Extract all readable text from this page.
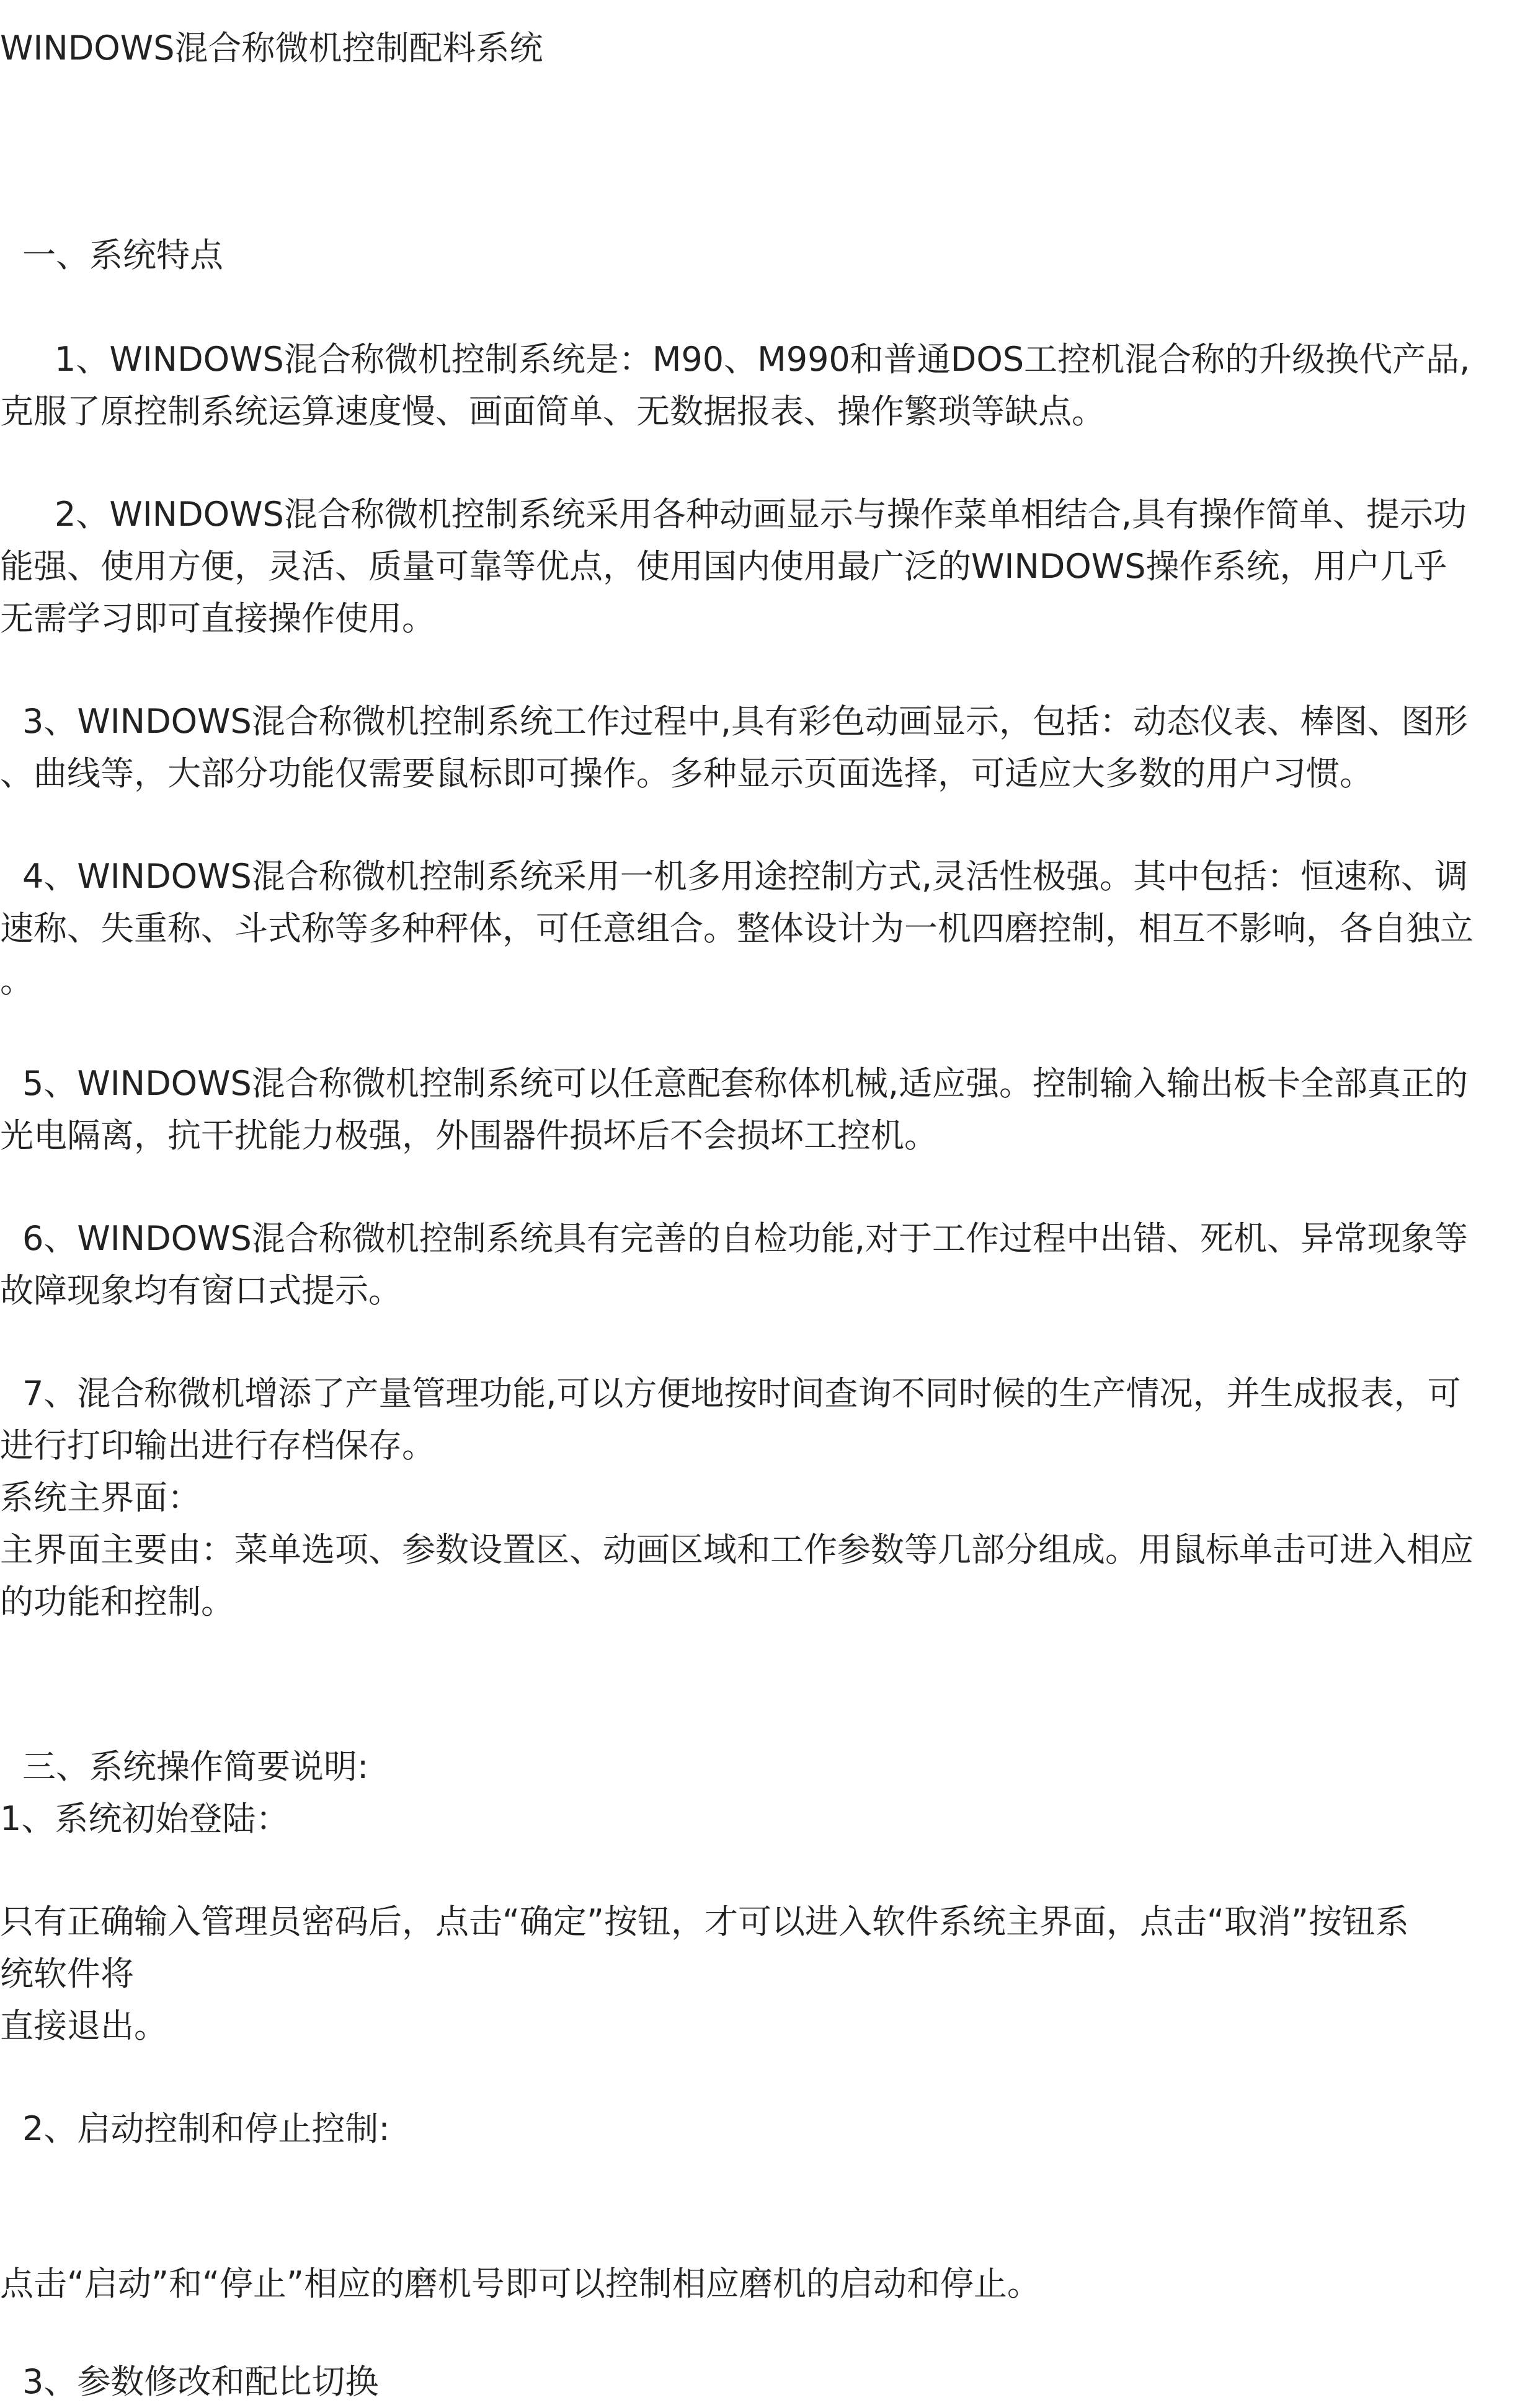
WINDOWS混合称微机控制配料系统

一、系统特点

1、WINDOWS混合称微机控制系统是：M90、M990和普通DOS工控机混合称的升级换代产品,

克服了原控制系统运算速度慢、画面简单、无数据报表、操作繁琐等缺点。

2、WINDOWS混合称微机控制系统采用各种动画显示与操作菜单相结合,具有操作简单、提示功

能强、使用方便，灵活、质量可靠等优点，使用国内使用最广泛的WINDOWS操作系统，用户几乎

无需学习即可直接操作使用。

3、WINDOWS混合称微机控制系统工作过程中,具有彩色动画显示，包括：动态仪表、棒图、图形

、曲线等，大部分功能仅需要鼠标即可操作。多种显示页面选择，可适应大多数的用户习惯。

4、WINDOWS混合称微机控制系统采用一机多用途控制方式,灵活性极强。其中包括：恒速称、调

速称、失重称、斗式称等多种秤体，可任意组合。整体设计为一机四磨控制，相互不影响，各自独立

。

5、WINDOWS混合称微机控制系统可以任意配套称体机械,适应强。控制输入输出板卡全部真正的

光电隔离，抗干扰能力极强，外围器件损坏后不会损坏工控机。

6、WINDOWS混合称微机控制系统具有完善的自检功能,对于工作过程中出错、死机、异常现象等

故障现象均有窗口式提示。

7、混合称微机增添了产量管理功能,可以方便地按时间查询不同时候的生产情况，并生成报表，可

进行打印输出进行存档保存。

系统主界面：

主界面主要由：菜单选项、参数设置区、动画区域和工作参数等几部分组成。用鼠标单击可进入相应

的功能和控制。

三、系统操作简要说明:

1、系统初始登陆：

只有正确输入管理员密码后，点击“确定”按钮，才可以进入软件系统主界面，点击“取消”按钮系

统软件将

直接退出。

2、启动控制和停止控制:

点击“启动”和“停止”相应的磨机号即可以控制相应磨机的启动和停止。

3、参数修改和配比切换
